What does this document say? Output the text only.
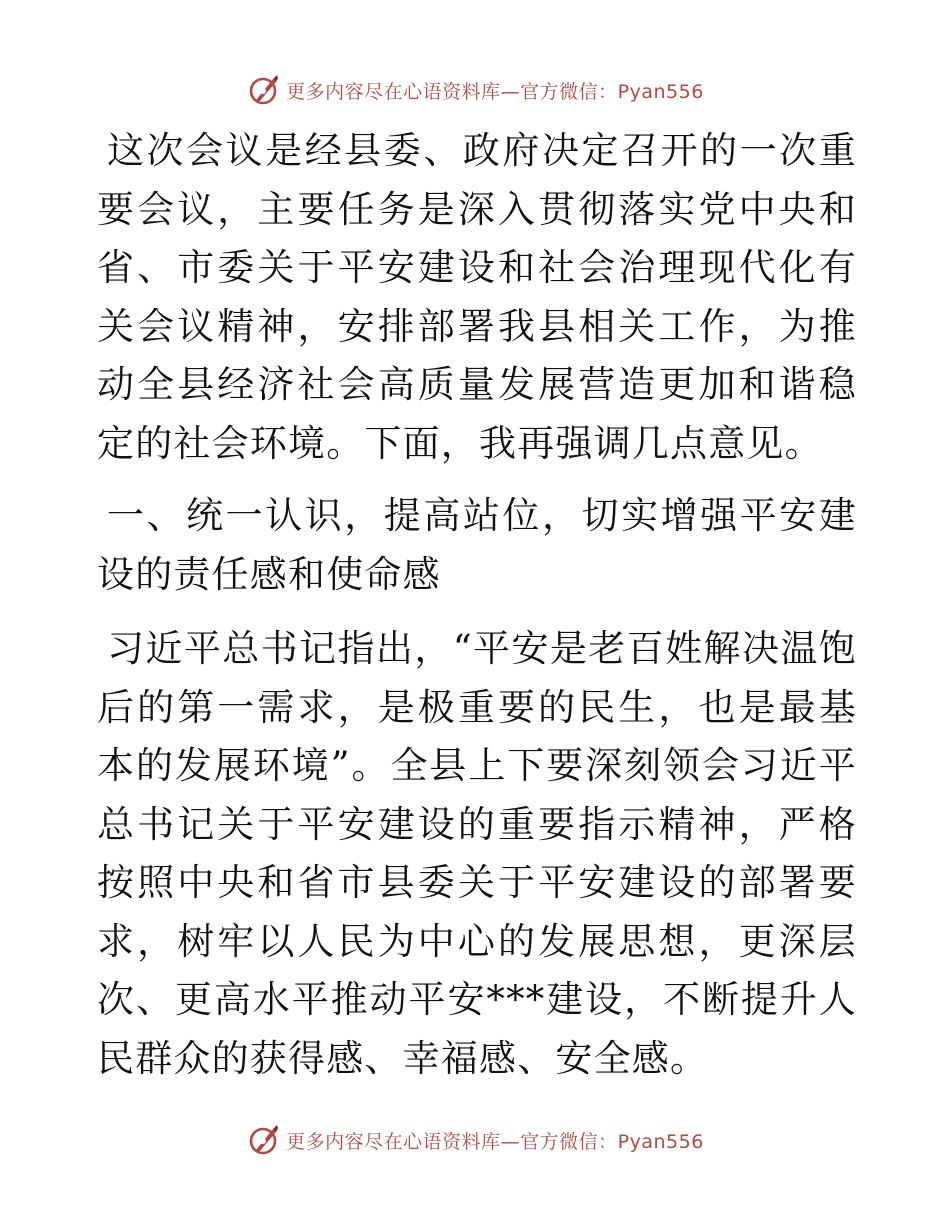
更多内容尽在心语资料库—官方微信：Pyan556

这次会议是经县委、政府决定召开的一次重要会议，主要任务是深入贯彻落实党中央和省、市委关于平安建设和社会治理现代化有关会议精神，安排部署我县相关工作，为推动全县经济社会高质量发展营造更加和谐稳定的社会环境。下面，我再强调几点意见。

一、统一认识，提高站位，切实增强平安建设的责任感和使命感

习近平总书记指出，“平安是老百姓解决温饱后的第一需求，是极重要的民生，也是最基本的发展环境”。全县上下要深刻领会习近平总书记关于平安建设的重要指示精神，严格按照中央和省市县委关于平安建设的部署要求，树牢以人民为中心的发展思想，更深层次、更高水平推动平安***建设，不断提升人民群众的获得感、幸福感、安全感。

更多内容尽在心语资料库—官方微信：Pyan556
